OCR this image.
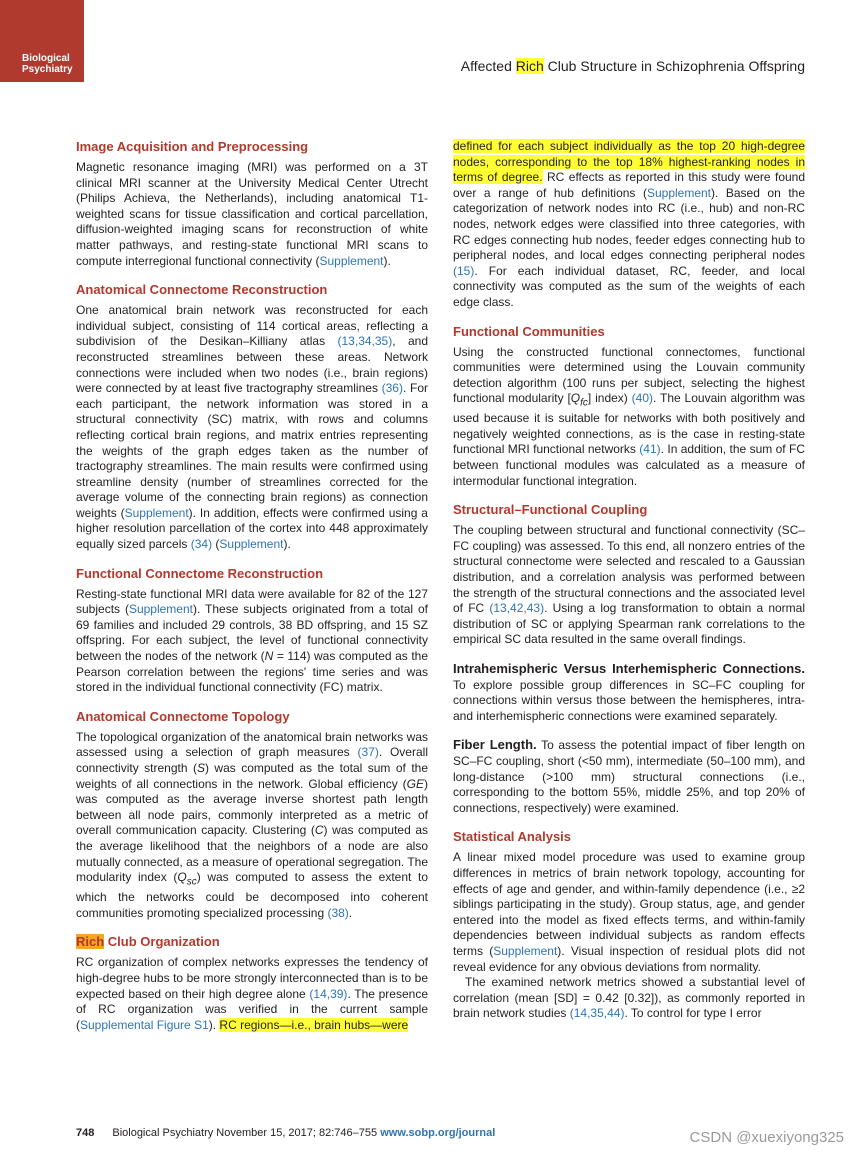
Biological
Psychiatry	Affected Rich Club Structure in Schizophrenia Offspring
Image Acquisition and Preprocessing

Magnetic resonance imaging (MRI) was performed on a 3T clinical MRI scanner at the University Medical Center Utrecht (Philips Achieva, the Netherlands), including anatomical T1-weighted scans for tissue classification and cortical parcellation, diffusion-weighted imaging scans for reconstruction of white matter pathways, and resting-state functional MRI scans to compute interregional functional connectivity (Supplement).

Anatomical Connectome Reconstruction

One anatomical brain network was reconstructed for each individual subject, consisting of 114 cortical areas, reflecting a subdivision of the Desikan–Killiany atlas (13,34,35), and reconstructed streamlines between these areas. Network connections were included when two nodes (i.e., brain regions) were connected by at least five tractography streamlines (36). For each participant, the network information was stored in a structural connectivity (SC) matrix, with rows and columns reflecting cortical brain regions, and matrix entries representing the weights of the graph edges taken as the number of tractography streamlines. The main results were confirmed using streamline density (number of streamlines corrected for the average volume of the connecting brain regions) as connection weights (Supplement). In addition, effects were confirmed using a higher resolution parcellation of the cortex into 448 approximately equally sized parcels (34) (Supplement).

Functional Connectome Reconstruction

Resting-state functional MRI data were available for 82 of the 127 subjects (Supplement). These subjects originated from a total of 69 families and included 29 controls, 38 BD offspring, and 15 SZ offspring. For each subject, the level of functional connectivity between the nodes of the network (N = 114) was computed as the Pearson correlation between the regions' time series and was stored in the individual functional connectivity (FC) matrix.

Anatomical Connectome Topology

The topological organization of the anatomical brain networks was assessed using a selection of graph measures (37). Overall connectivity strength (S) was computed as the total sum of the weights of all connections in the network. Global efficiency (GE) was computed as the average inverse shortest path length between all node pairs, commonly interpreted as a metric of overall communication capacity. Clustering (C) was computed as the average likelihood that the neighbors of a node are also mutually connected, as a measure of operational segregation. The modularity index $(Q_{sc})$ was computed to assess the extent to which the networks could be decomposed into coherent communities promoting specialized processing (38).

Rich Club Organization

RC organization of complex networks expresses the tendency of high-degree hubs to be more strongly interconnected than is to be expected based on their high degree alone (14,39). The presence of RC organization was verified in the current sample (Supplemental Figure S1). RC regions—i.e., brain hubs—were

defined for each subject individually as the top 20 high-degree nodes, corresponding to the top 18% highest-ranking nodes in terms of degree. RC effects as reported in this study were found over a range of hub definitions (Supplement). Based on the categorization of network nodes into RC (i.e., hub) and non-RC nodes, network edges were classified into three categories, with RC edges connecting hub nodes, feeder edges connecting hub to peripheral nodes, and local edges connecting peripheral nodes (15). For each individual dataset, RC, feeder, and local connectivity was computed as the sum of the weights of each edge class.

Functional Communities

Using the constructed functional connectomes, functional communities were determined using the Louvain community detection algorithm (100 runs per subject, selecting the highest functional modularity $[Q_{fc}]$ index) (40). The Louvain algorithm was used because it is suitable for networks with both positively and negatively weighted connections, as is the case in resting-state functional MRI functional networks (41). In addition, the sum of FC between functional modules was calculated as a measure of intermodular functional integration.

Structural–Functional Coupling

The coupling between structural and functional connectivity (SC–FC coupling) was assessed. To this end, all nonzero entries of the structural connectome were selected and rescaled to a Gaussian distribution, and a correlation analysis was performed between the strength of the structural connections and the associated level of FC (13,42,43). Using a log transformation to obtain a normal distribution of SC or applying Spearman rank correlations to the empirical SC data resulted in the same overall findings.

Intrahemispheric Versus Interhemispheric Connections. To explore possible group differences in SC–FC coupling for connections within versus those between the hemispheres, intra- and interhemispheric connections were examined separately.

Fiber Length. To assess the potential impact of fiber length on SC–FC coupling, short (<50 mm), intermediate (50–100 mm), and long-distance (>100 mm) structural connections (i.e., corresponding to the bottom 55%, middle 25%, and top 20% of connections, respectively) were examined.

Statistical Analysis

A linear mixed model procedure was used to examine group differences in metrics of brain network topology, accounting for effects of age and gender, and within-family dependence (i.e., ≥2 siblings participating in the study). Group status, age, and gender entered into the model as fixed effects terms, and within-family dependencies between individual subjects as random effects terms (Supplement). Visual inspection of residual plots did not reveal evidence for any obvious deviations from normality.

The examined network metrics showed a substantial level of correlation (mean [SD] = 0.42 [0.32]), as commonly reported in brain network studies (14,35,44). To control for type I error

748 Biological Psychiatry November 15, 2017; 82:746–755 www.sobp.org/journal	CSDN @xuexiyong325
